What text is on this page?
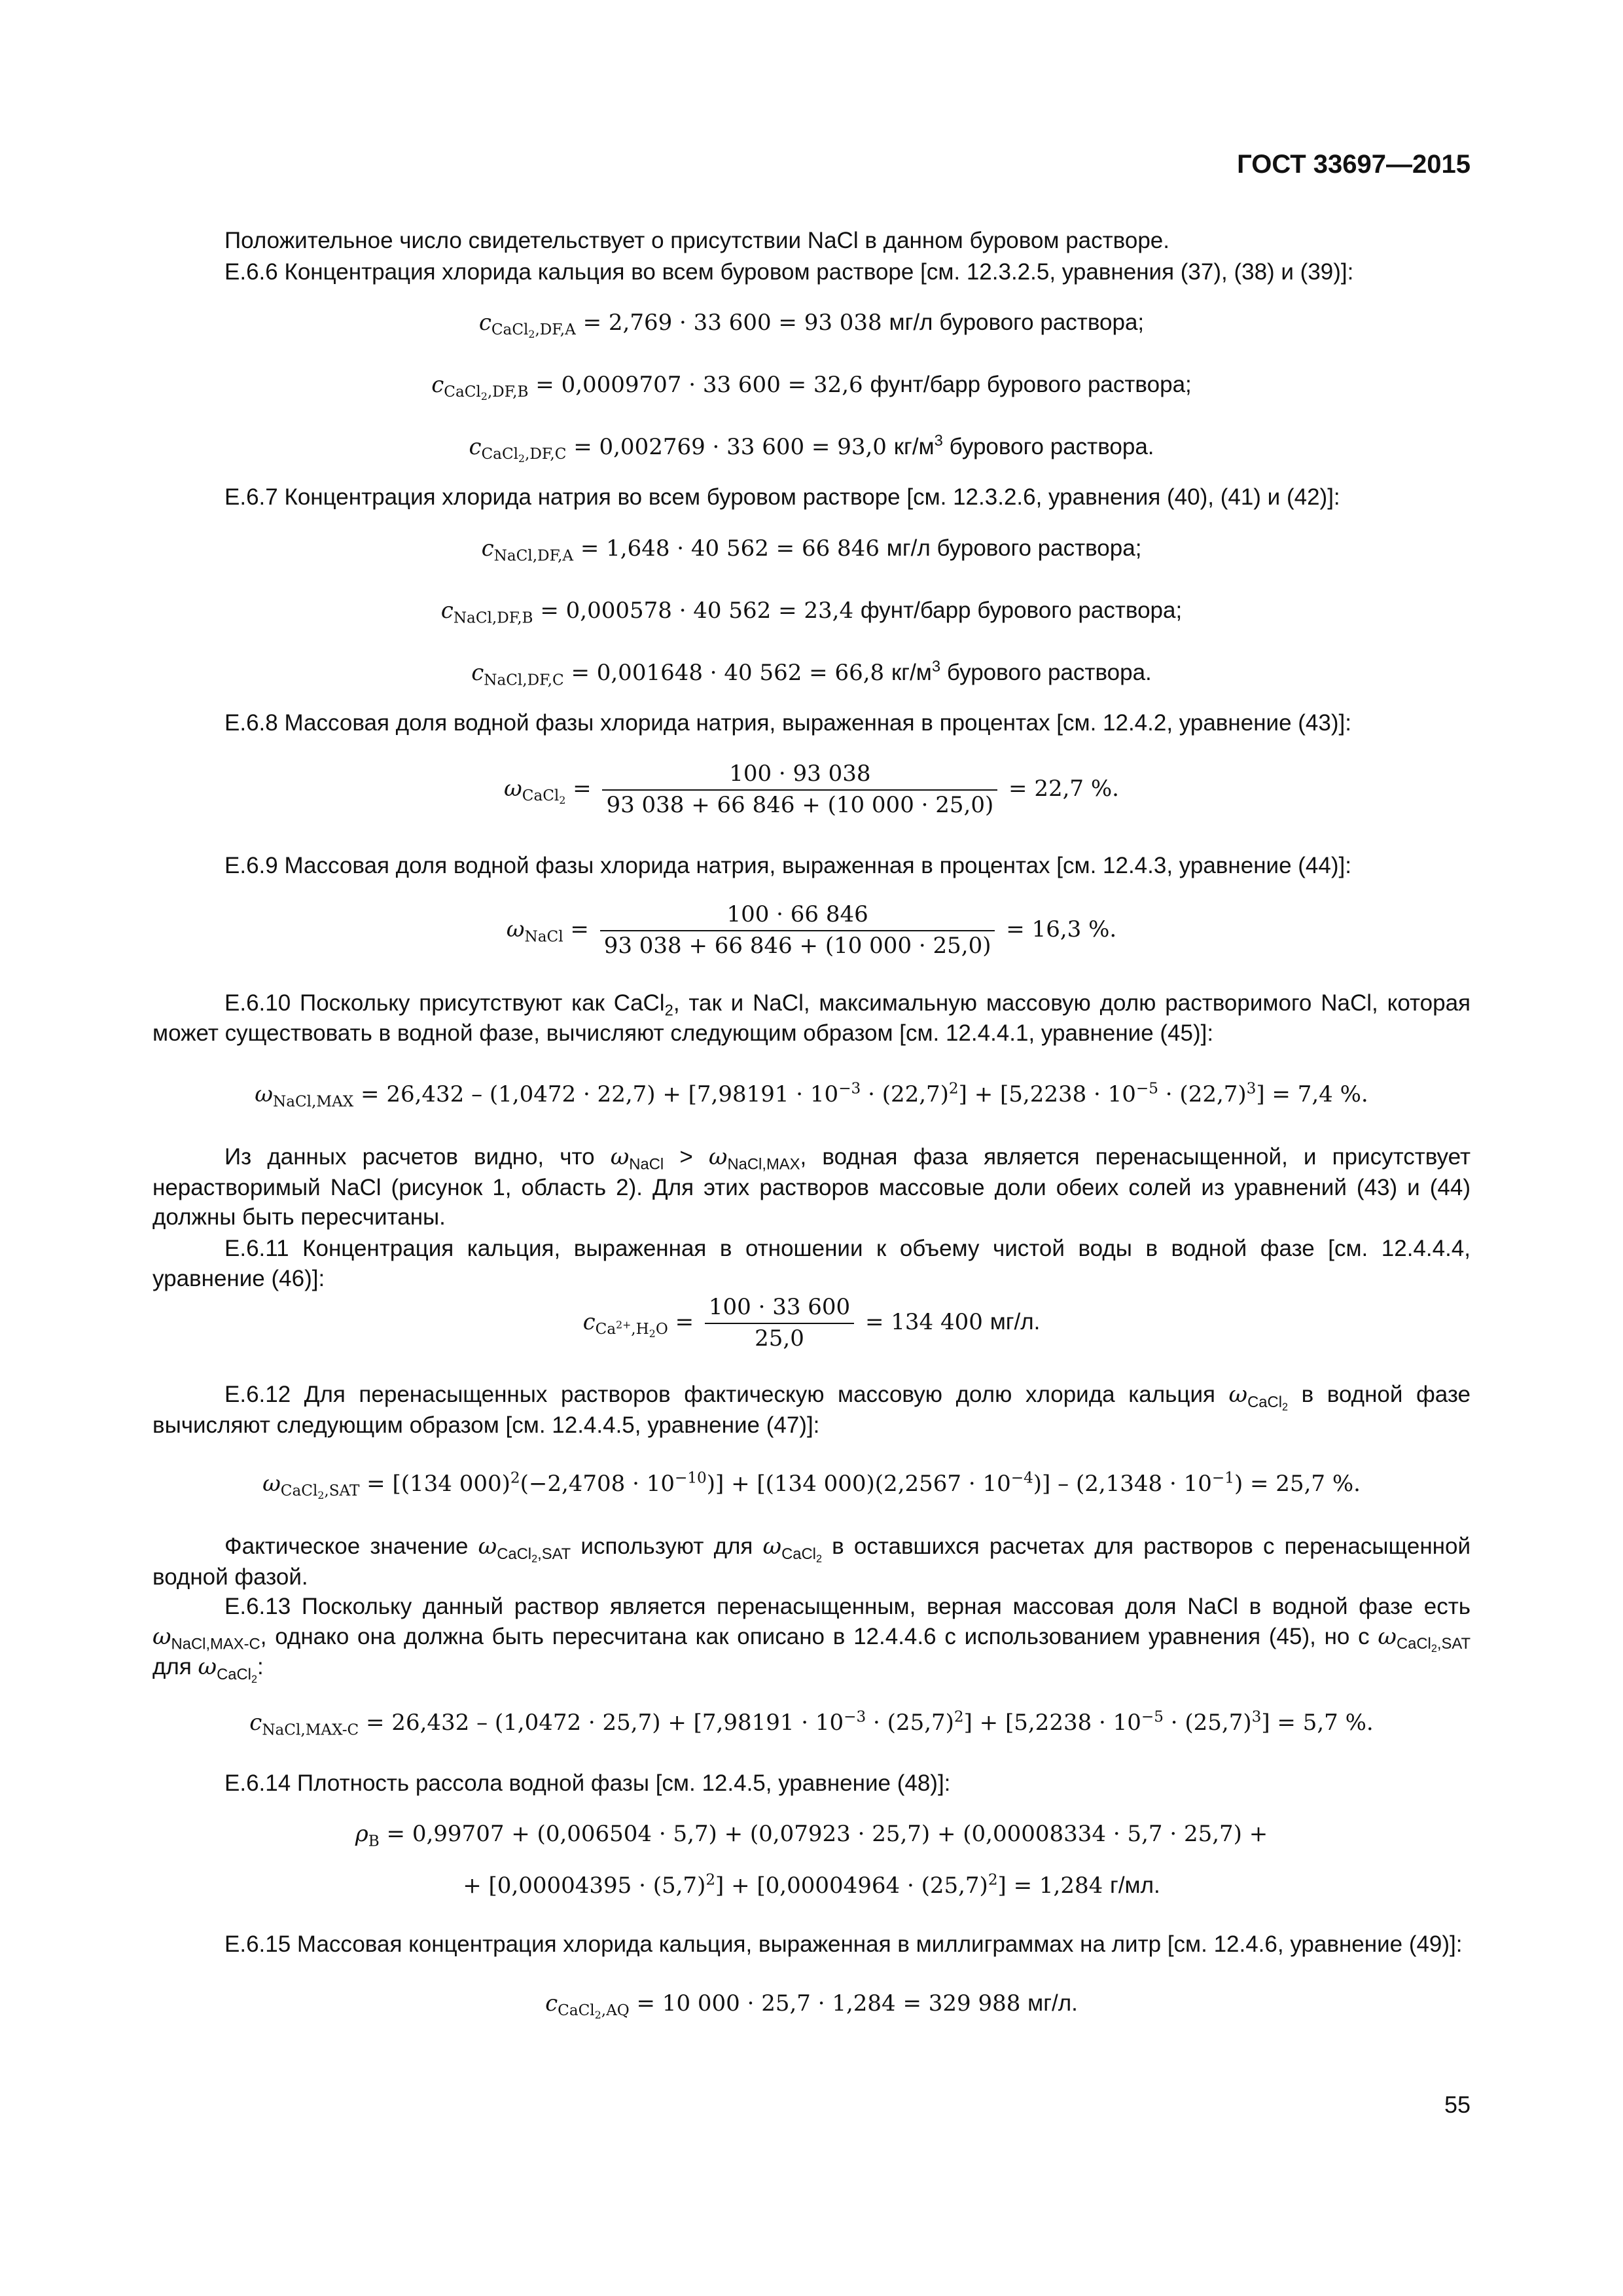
ГОСТ 33697—2015
Положительное число свидетельствует о присутствии NaCl в данном буровом растворе.
Е.6.6 Концентрация хлорида кальция во всем буровом растворе [см. 12.3.2.5, уравнения (37), (38) и (39)]:
$c_{CaCl_2,DF,A} = 2,769 \cdot 33$ 600 = 93 038 мг/л бурового раствора;
$c_{CaCl_2,DF,B} = 0,0009707 \cdot 33$ 600 = 32,6 фунт/барр бурового раствора;
$c_{CaCl_2,DF,C} = 0,002769 \cdot 33$ 600 = 93,0 $кг/м^3$ бурового раствора.
Е.6.7 Концентрация хлорида натрия во всем буровом растворе [см. 12.3.2.6, уравнения (40), (41) и (42)]:
$c_{NaCl,DF,A} = 1,648 \cdot 40$ 562 = 66 846 мг/л бурового раствора;
$c_{NaCl,DF,B} = 0,000578 \cdot 40$ 562 = 23,4 фунт/барр бурового раствора;
$c_{NaCl,DF,C} = 0,001648 \cdot 40$ 562 = 66,8 $кг/м^3$ бурового раствора.
Е.6.8 Массовая доля водной фазы хлорида натрия, выраженная в процентах [см. 12.4.2, уравнение (43)]:
$\omega_{CaCl_2} = \frac{100 \cdot 93 038}{93 038 + 66 846 + (10 000 \cdot 25,0)} = 22,7$ %.
Е.6.9 Массовая доля водной фазы хлорида натрия, выраженная в процентах [см. 12.4.3, уравнение (44)]:
$\omega_{NaCl} = \frac{100 \cdot 66 846}{93 038 + 66 846 + (10 000 \cdot 25,0)} = 16,3$ %.
Е.6.10 Поскольку присутствуют как CaCl$_2$, так и NaCl, максимальную массовую долю растворимого NaCl, которая может существовать в водной фазе, вычисляют следующим образом [см. 12.4.4.1, уравнение (45)]:
$\omega_{NaCl,MAX} = 26,432 - (1,0472 \cdot 22,7) + [7,98191 \cdot 10^{-3} \cdot (22,7)^2] + [5,2238 \cdot 10^{-5} \cdot (22,7)^3] = 7,4$ %.
Из данных расчетов видно, что $\omega_{NaCl} > \omega_{NaCl,MAX}$, водная фаза является перенасыщенной, и присутствует нерастворимый NaCl (рисунок 1, область 2). Для этих растворов массовые доли обеих солей из уравнений (43) и (44) должны быть пересчитаны.
Е.6.11 Концентрация кальция, выраженная в отношении к объему чистой воды в водной фазе [см. 12.4.4.4, уравнение (46)]:
$c_{Ca^{2+},H_2O} = \frac{100 \cdot 33 600}{25,0} = 134$ 400 мг/л.
Е.6.12 Для перенасыщенных растворов фактическую массовую долю хлорида кальция $\omega_{CaCl_2}$ в водной фазе вычисляют следующим образом [см. 12.4.4.5, уравнение (47)]:
$\omega_{CaCl_2,SAT} = [(134$ $000)^2(-2,4708 \cdot 10^{-10})] + [(134$ $000)(2,2567 \cdot 10^{-4})] - (2,1348 \cdot 10^{-1}) = 25,7$ %.
Фактическое значение $\omega_{CaCl_2,SAT}$ используют для $\omega_{CaCl_2}$ в оставшихся расчетах для растворов с перенасыщенной водной фазой.
Е.6.13 Поскольку данный раствор является перенасыщенным, верная массовая доля NaCl в водной фазе есть $\omega_{NaCl,MAX-C}$, однако она должна быть пересчитана как описано в 12.4.4.6 с использованием уравнения (45), но с $\omega_{CaCl_2,SAT}$ для $\omega_{CaCl_2}$:
$c_{NaCl,MAX-C} = 26,432 - (1,0472 \cdot 25,7) + [7,98191 \cdot 10^{-3} \cdot (25,7)^2] + [5,2238 \cdot 10^{-5} \cdot (25,7)^3] = 5,7$ %.
Е.6.14 Плотность рассола водной фазы [см. 12.4.5, уравнение (48)]:
$\rho_B = 0,99707 + (0,006504 \cdot 5,7) + (0,07923 \cdot 25,7) + (0,00008334 \cdot 5,7 \cdot 25,7)$ +
+ $[0,00004395 \cdot (5,7)^2] + [0,00004964 \cdot (25,7)^2] = 1,284$ г/мл.
Е.6.15 Массовая концентрация хлорида кальция, выраженная в миллиграммах на литр [см. 12.4.6, уравнение (49)]:
$c_{CaCl_2,AQ} = 10$ 000 · 25,7 · 1,284 = 329 988 мг/л.
55
